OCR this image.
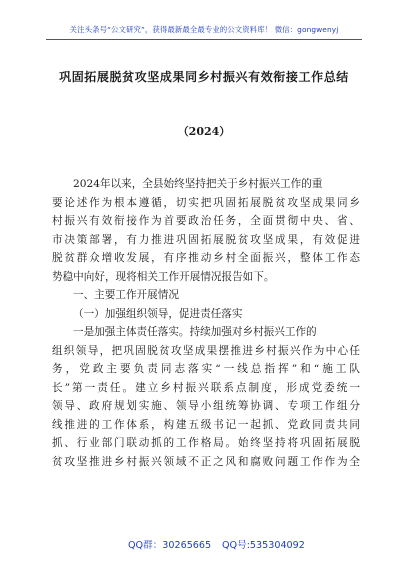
关注头条号“公文研究”，获得最新最全最专业的公文资料库！ 微信：gongwenyj
巩固拓展脱贫攻坚成果同乡村振兴有效衔接工作总结
（2024）
2024年以来，全县始终坚持把关于乡村振兴工作的重
要论述作为根本遵循，切实把巩固拓展脱贫攻坚成果同乡
村振兴有效衔接作为首要政治任务，全面贯彻中央、省、
市决策部署，有力推进巩固拓展脱贫攻坚成果，有效促进
脱贫群众增收发展，有序推动乡村全面振兴，整体工作态
势稳中向好，现将相关工作开展情况报告如下。
一、主要工作开展情况
（一）加强组织领导，促进责任落实
一是加强主体责任落实。持续加强对乡村振兴工作的
组织领导，把巩固脱贫攻坚成果摆推进乡村振兴作为中心任
务，党政主要负责同志落实“一线总指挥”和“施工队
长”第一责任。建立乡村振兴联系点制度，形成党委统一
领导、政府规划实施、领导小组统筹协调、专项工作组分
线推进的工作体系，构建五级书记一起抓、党政同责共同
抓、行业部门联动抓的工作格局。始终坚持将巩固拓展脱
贫攻坚推进乡村振兴领域不正之风和腐败问题工作作为全
QQ群：30265665 QQ号:535304092
